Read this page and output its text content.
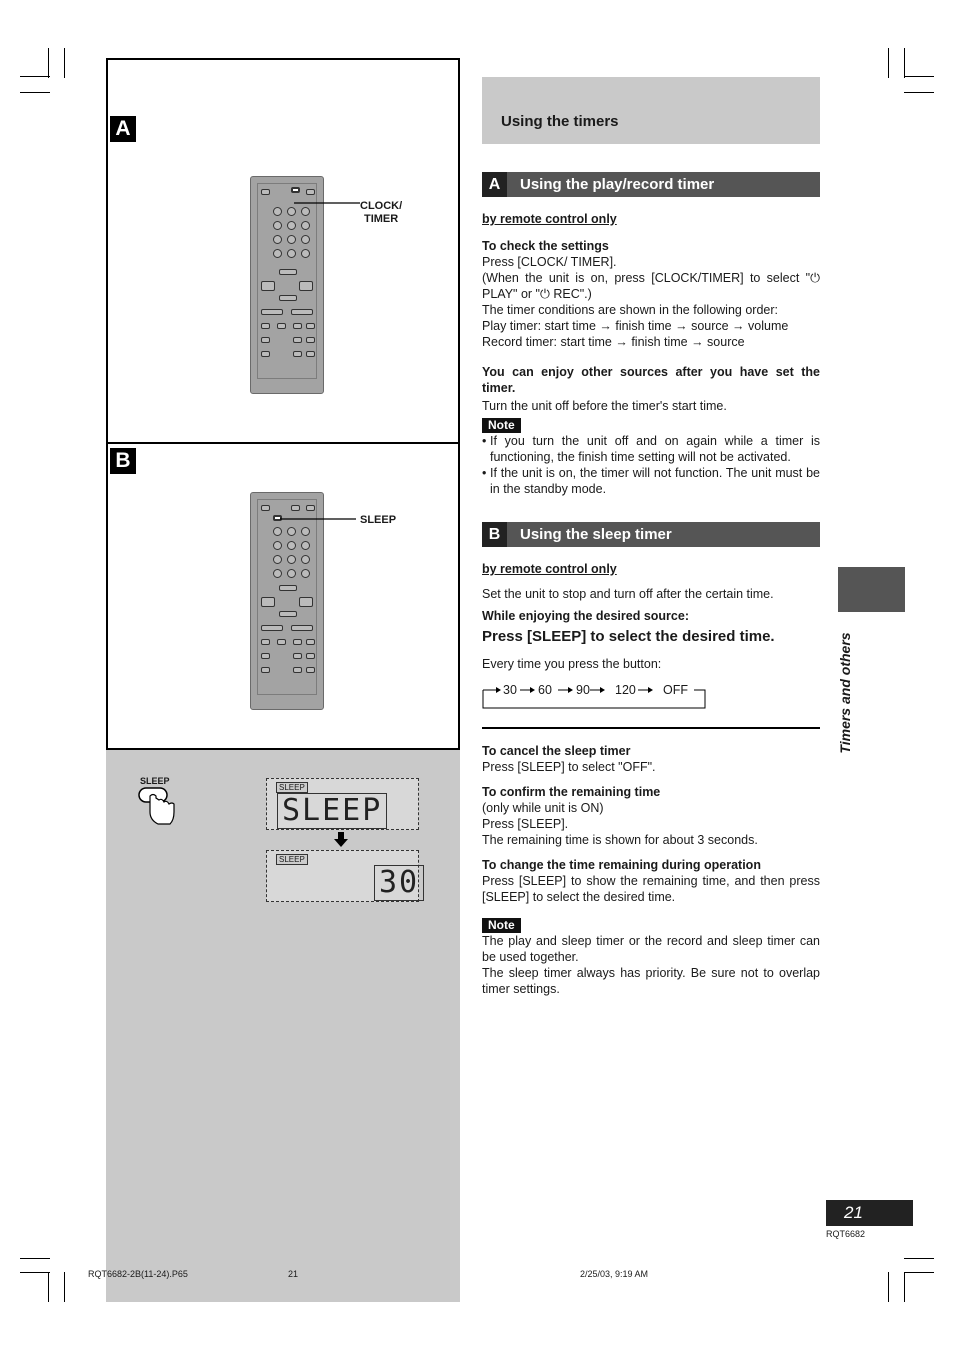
A
CLOCK/
TIMER
B
SLEEP
SLEEP
SLEEP
SLEEP
SLEEP
30
Using the timers
A	Using the play/record timer
by remote control only
To check the settings
Press [CLOCK/ TIMER].
(When the unit is on, press [CLOCK/TIMER] to select "⏻ PLAY" or "⏻ REC".)
The timer conditions are shown in the following order:
Play timer: start time → finish time → source → volume
Record timer: start time → finish time → source
You can enjoy other sources after you have set the timer.
Turn the unit off before the timer's start time.
Note
• If you turn the unit off and on again while a timer is functioning, the finish time setting will not be activated.
• If the unit is on, the timer will not function. The unit must be in the standby mode.
B	Using the sleep timer
by remote control only
Set the unit to stop and turn off after the certain time.
While enjoying the desired source:
Press [SLEEP] to select the desired time.
Every time you press the button:
30 60 90 120 OFF
To cancel the sleep timer
Press [SLEEP] to select "OFF".
To confirm the remaining time
(only while unit is ON)
Press [SLEEP].
The remaining time is shown for about 3 seconds.
To change the time remaining during operation
Press [SLEEP] to show the remaining time, and then press [SLEEP] to select the desired time.
Note
The play and sleep timer or the record and sleep timer can be used together.
The sleep timer always has priority. Be sure not to overlap timer settings.
Timers and others
21
RQT6682
RQT6682-2B(11-24).P65	21	2/25/03, 9:19 AM
